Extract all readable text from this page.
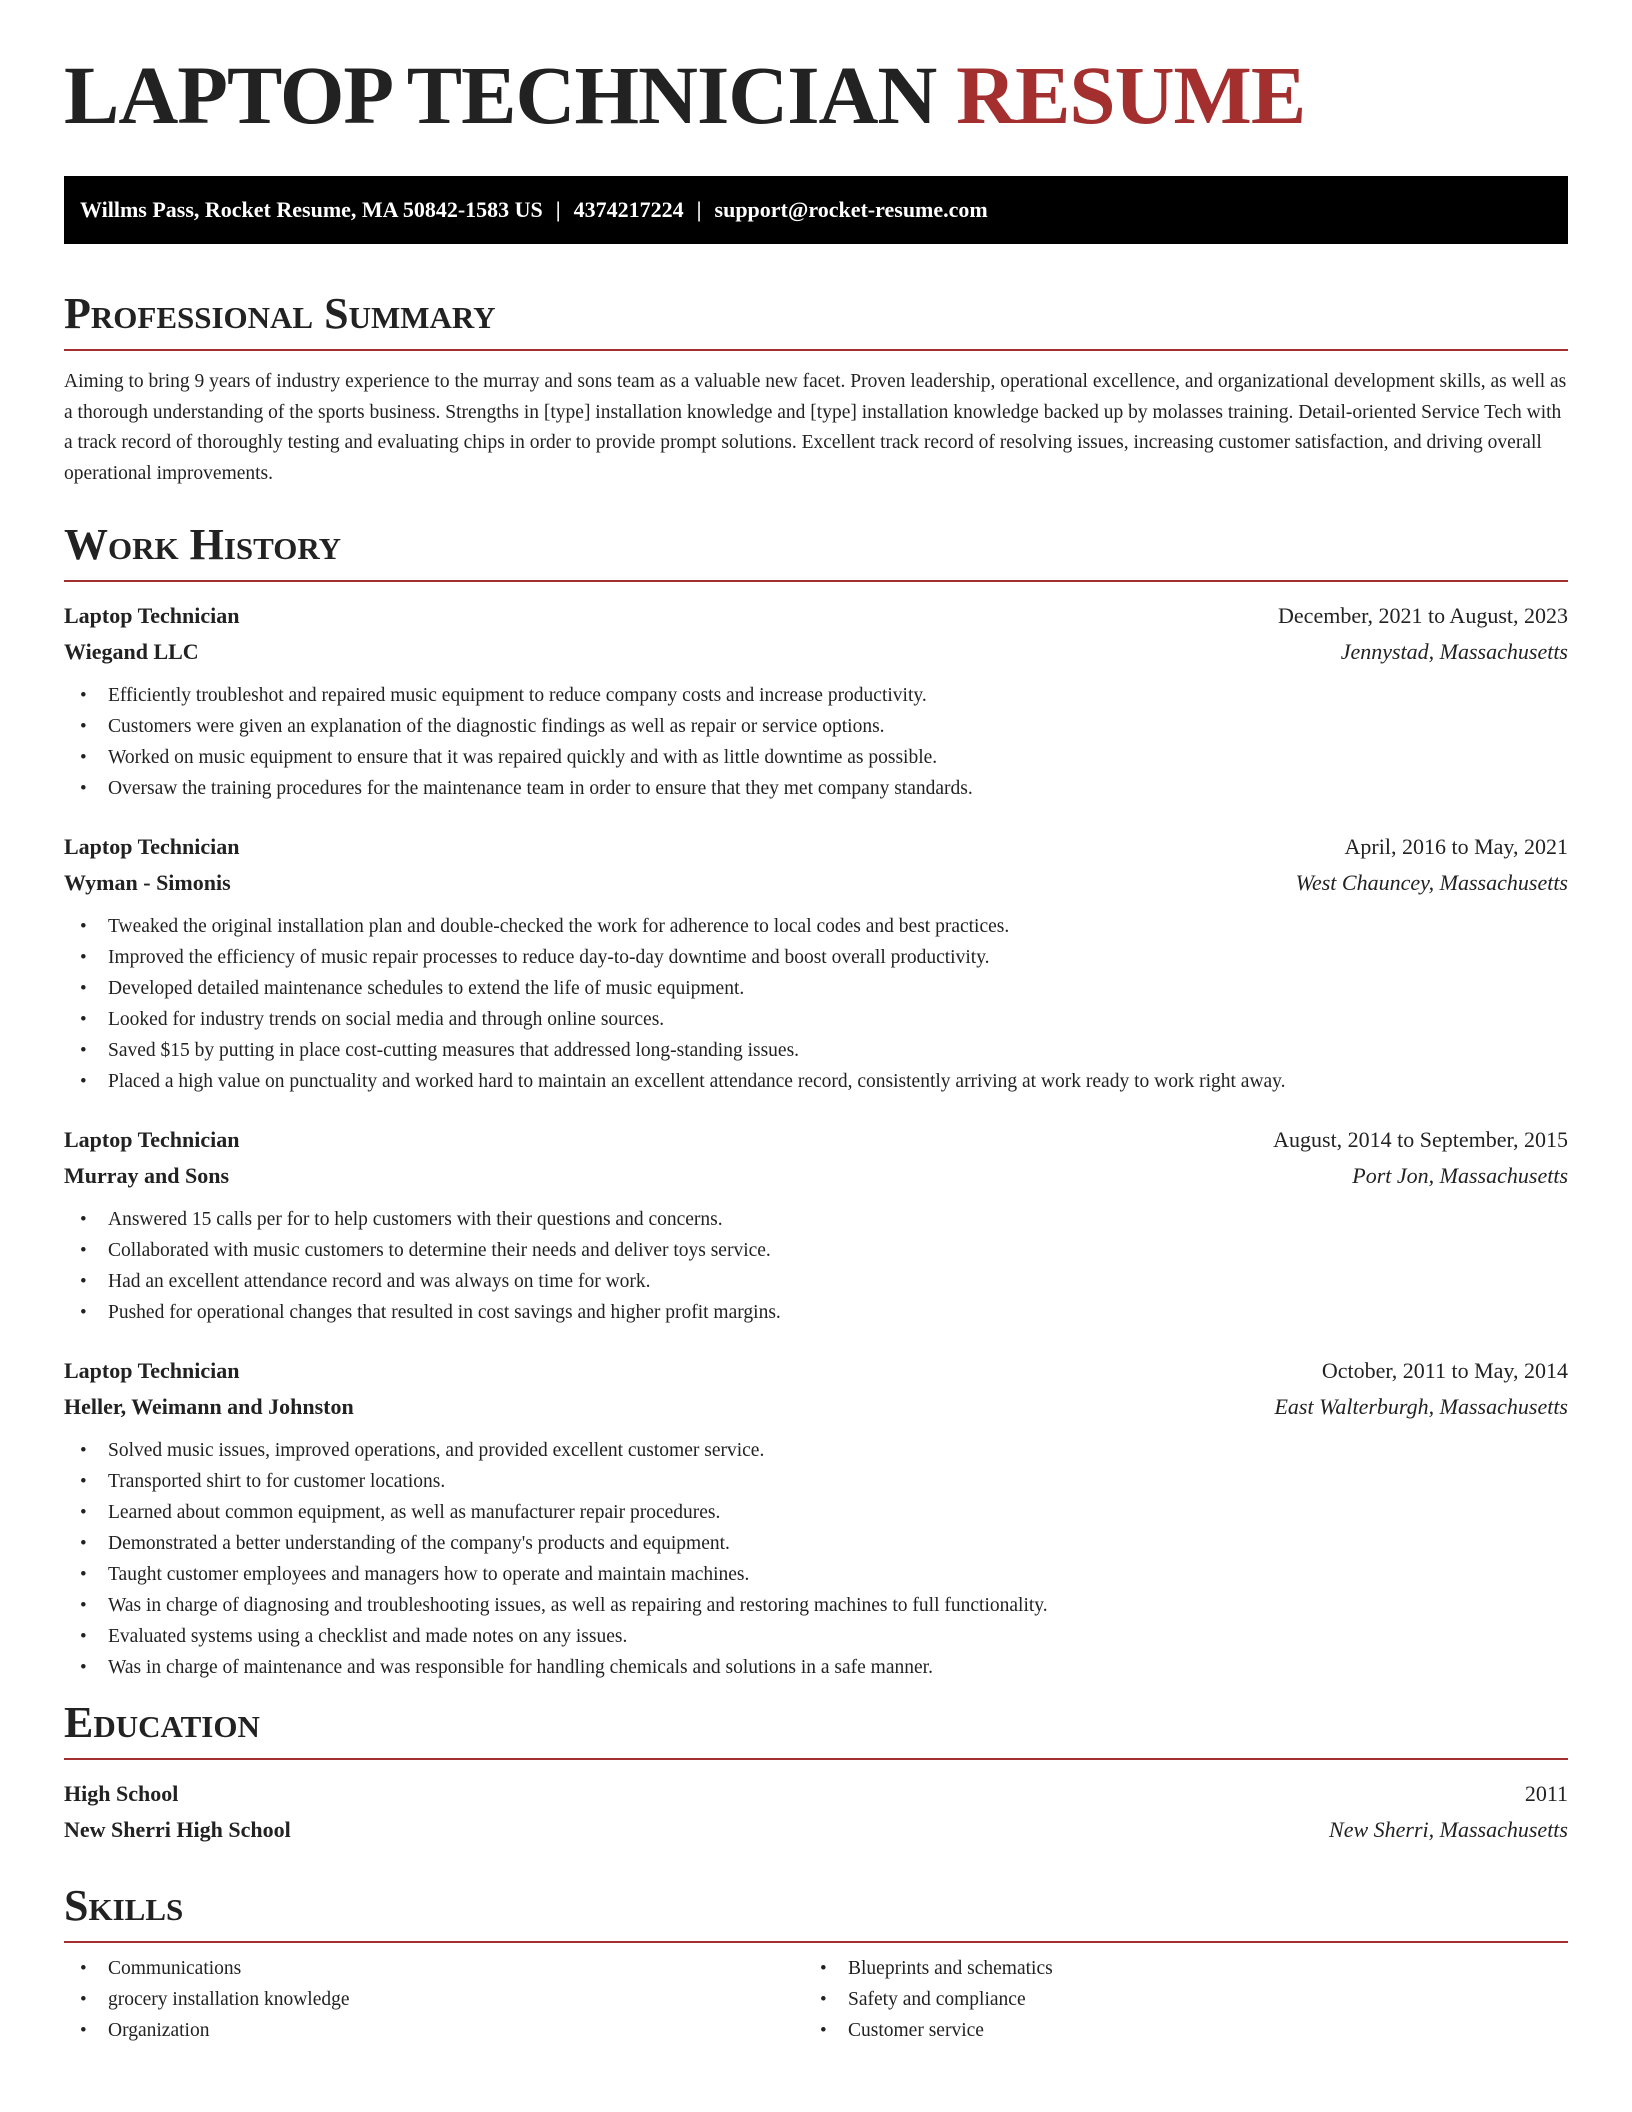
LAPTOP TECHNICIAN RESUME
Willms Pass, Rocket Resume, MA 50842-1583 US | 4374217224 | support@rocket-resume.com
Professional Summary

Aiming to bring 9 years of industry experience to the murray and sons team as a valuable new facet. Proven leadership, operational excellence, and organizational development skills, as well as a thorough understanding of the sports business. Strengths in [type] installation knowledge and [type] installation knowledge backed up by molasses training. Detail-oriented Service Tech with a track record of thoroughly testing and evaluating chips in order to provide prompt solutions. Excellent track record of resolving issues, increasing customer satisfaction, and driving overall operational improvements.

Work History
Laptop Technician	December, 2021 to August, 2023
Wiegand LLC	Jennystad, Massachusetts
• Efficiently troubleshot and repaired music equipment to reduce company costs and increase productivity.
• Customers were given an explanation of the diagnostic findings as well as repair or service options.
• Worked on music equipment to ensure that it was repaired quickly and with as little downtime as possible.
• Oversaw the training procedures for the maintenance team in order to ensure that they met company standards.
Laptop Technician	April, 2016 to May, 2021
Wyman - Simonis	West Chauncey, Massachusetts
• Tweaked the original installation plan and double-checked the work for adherence to local codes and best practices.
• Improved the efficiency of music repair processes to reduce day-to-day downtime and boost overall productivity.
• Developed detailed maintenance schedules to extend the life of music equipment.
• Looked for industry trends on social media and through online sources.
• Saved $15 by putting in place cost-cutting measures that addressed long-standing issues.
• Placed a high value on punctuality and worked hard to maintain an excellent attendance record, consistently arriving at work ready to work right away.
Laptop Technician	August, 2014 to September, 2015
Murray and Sons	Port Jon, Massachusetts
• Answered 15 calls per for to help customers with their questions and concerns.
• Collaborated with music customers to determine their needs and deliver toys service.
• Had an excellent attendance record and was always on time for work.
• Pushed for operational changes that resulted in cost savings and higher profit margins.
Laptop Technician	October, 2011 to May, 2014
Heller, Weimann and Johnston	East Walterburgh, Massachusetts
• Solved music issues, improved operations, and provided excellent customer service.
• Transported shirt to for customer locations.
• Learned about common equipment, as well as manufacturer repair procedures.
• Demonstrated a better understanding of the company's products and equipment.
• Taught customer employees and managers how to operate and maintain machines.
• Was in charge of diagnosing and troubleshooting issues, as well as repairing and restoring machines to full functionality.
• Evaluated systems using a checklist and made notes on any issues.
• Was in charge of maintenance and was responsible for handling chemicals and solutions in a safe manner.
Education
High School	2011
New Sherri High School	New Sherri, Massachusetts
Skills
• Communications
• grocery installation knowledge
• Organization
• Blueprints and schematics
• Safety and compliance
• Customer service
